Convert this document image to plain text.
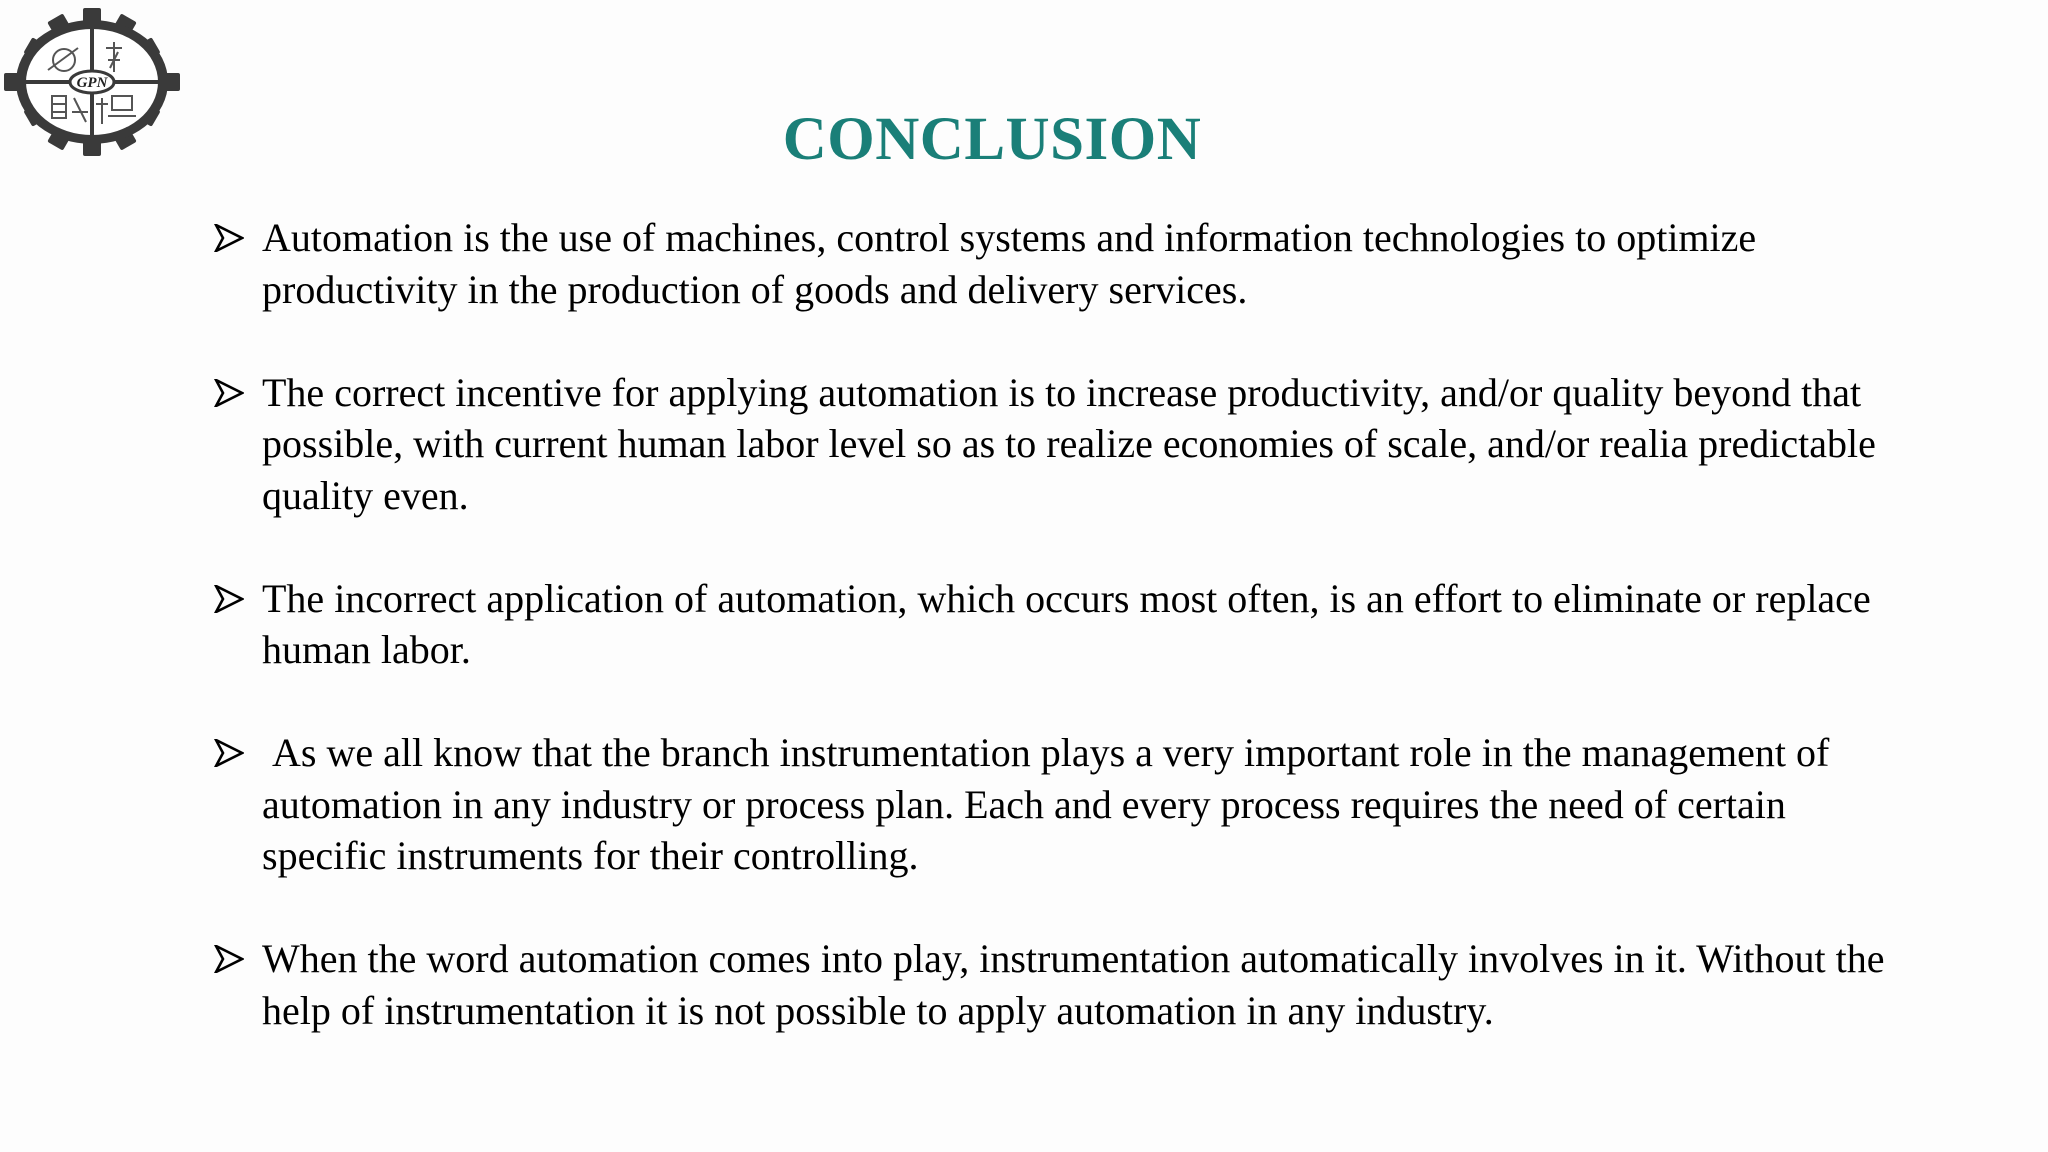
GPN
CONCLUSION
Automation is the use of machines, control systems and information technologies to optimize productivity in the production of goods and delivery services.
The correct incentive for applying automation is to increase productivity, and/or quality beyond that possible, with current human labor level so as to realize economies of scale, and/or realia predictable quality even.
The incorrect application of automation, which occurs most often, is an effort to eliminate or replace human labor.
As we all know that the branch instrumentation plays a very important role in the management of automation in any industry or process plan. Each and every process requires the need of certain specific instruments for their controlling.
When the word automation comes into play, instrumentation automatically involves in it. Without the help of instrumentation it is not possible to apply automation in any industry.
